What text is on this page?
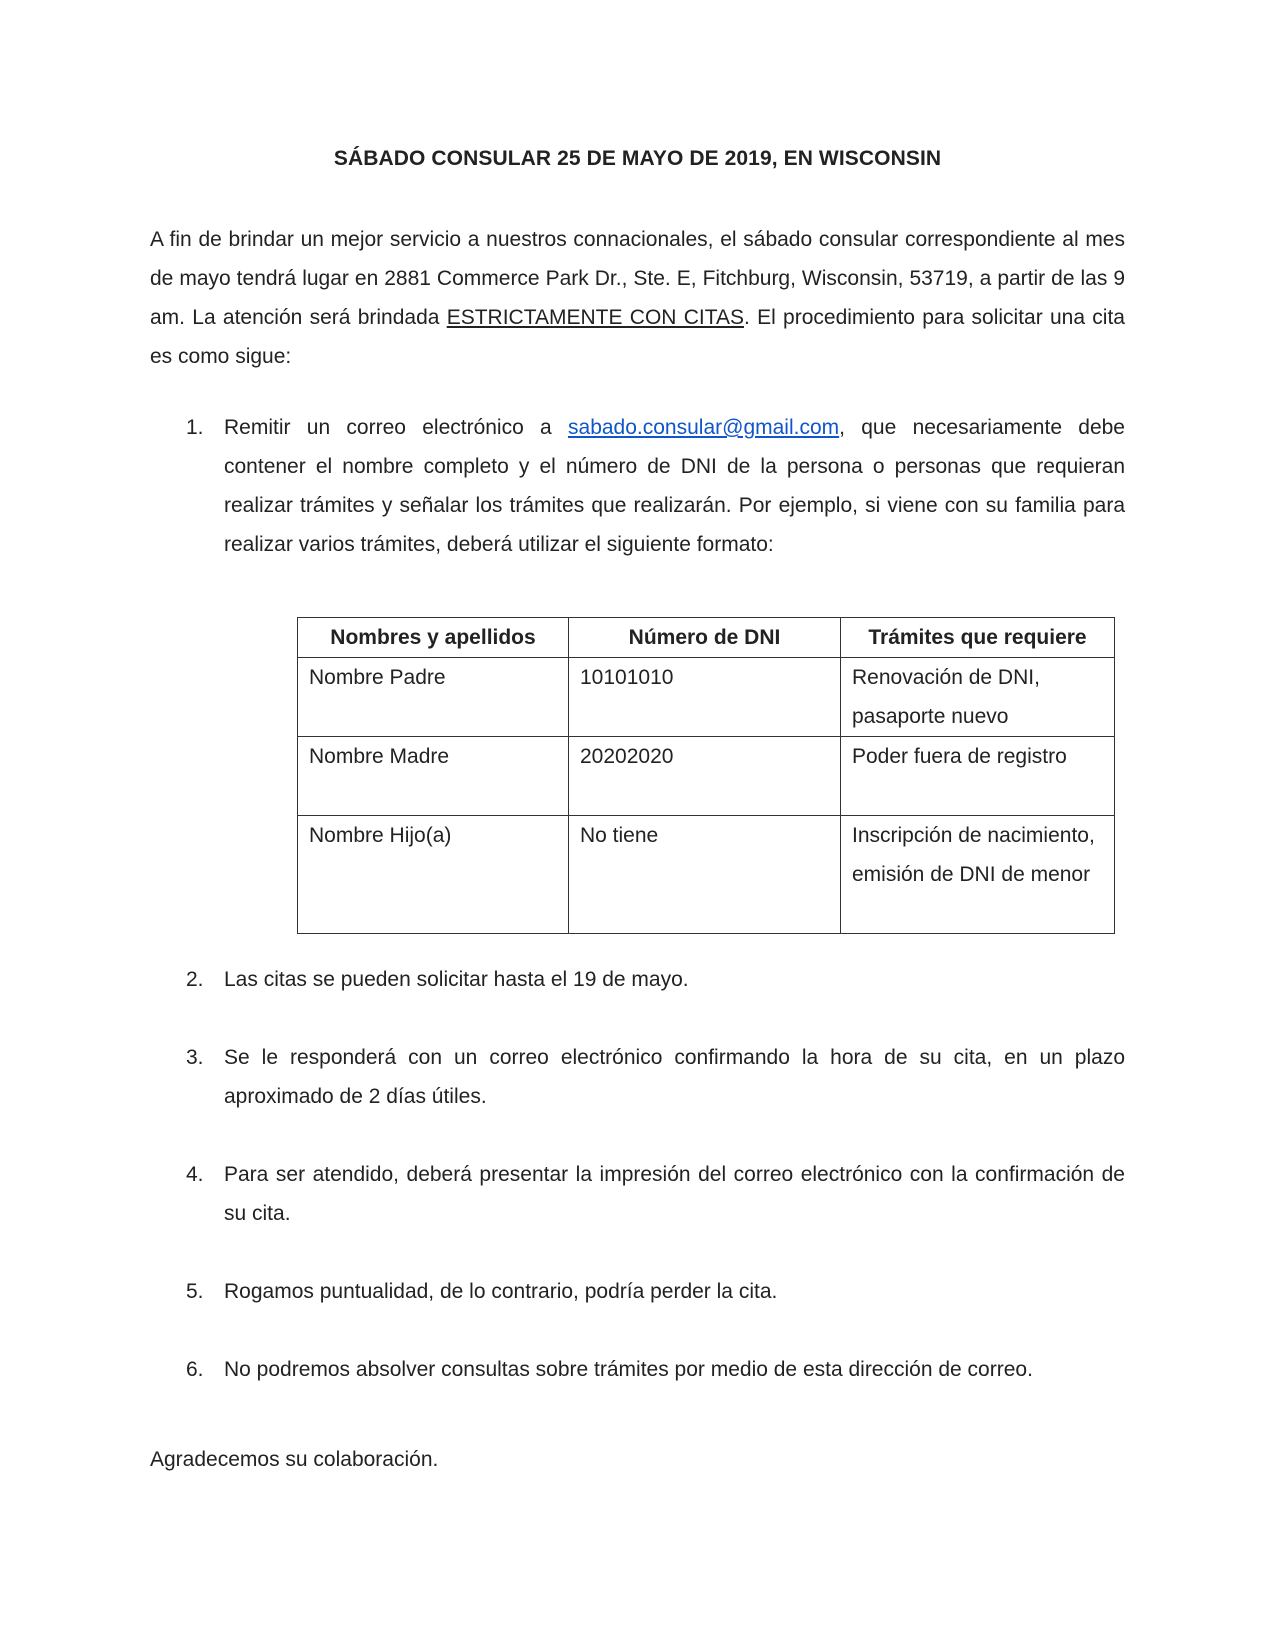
SÁBADO CONSULAR 25 DE MAYO DE 2019, EN WISCONSIN

A fin de brindar un mejor servicio a nuestros connacionales, el sábado consular correspondiente al mes de mayo tendrá lugar en 2881 Commerce Park Dr., Ste. E, Fitchburg, Wisconsin, 53719, a partir de las 9 am. La atención será brindada ESTRICTAMENTE CON CITAS. El procedimiento para solicitar una cita es como sigue:

1. Remitir un correo electrónico a sabado.consular@gmail.com, que necesariamente debe contener el nombre completo y el número de DNI de la persona o personas que requieran realizar trámites y señalar los trámites que realizarán. Por ejemplo, si viene con su familia para realizar varios trámites, deberá utilizar el siguiente formato:
Nombres y apellidos	Número de DNI	Trámites que requiere
Nombre Padre	10101010	Renovación de DNI, pasaporte nuevo
Nombre Madre	20202020	Poder fuera de registro
Nombre Hijo(a)	No tiene	Inscripción de nacimiento, emisión de DNI de menor
2. Las citas se pueden solicitar hasta el 19 de mayo.
3. Se le responderá con un correo electrónico confirmando la hora de su cita, en un plazo aproximado de 2 días útiles.
4. Para ser atendido, deberá presentar la impresión del correo electrónico con la confirmación de su cita.
5. Rogamos puntualidad, de lo contrario, podría perder la cita.
6. No podremos absolver consultas sobre trámites por medio de esta dirección de correo.
Agradecemos su colaboración.
